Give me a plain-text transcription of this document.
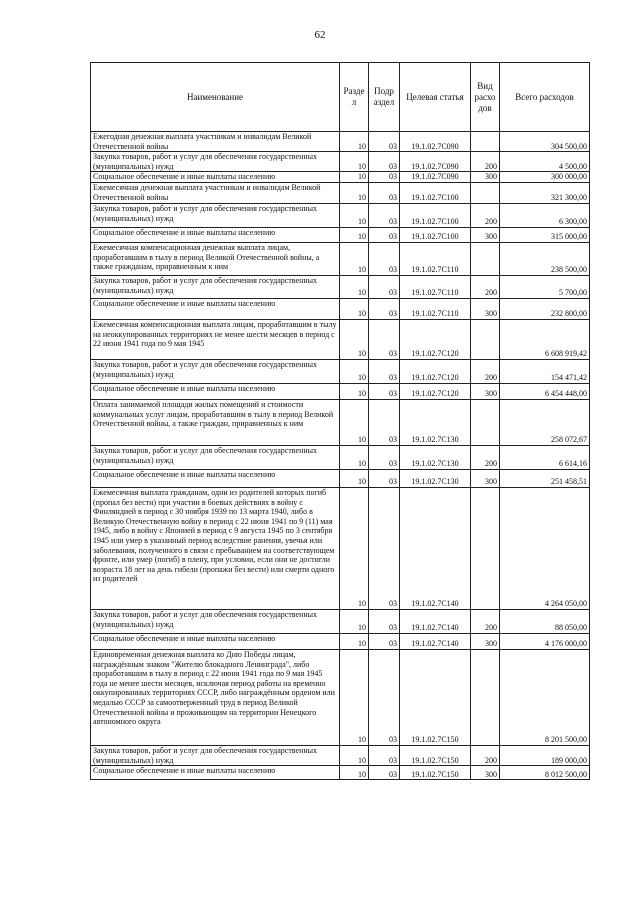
62
Наименование	Разде л	Подр аздел	Целевая статья	Вид расхо дов	Всего расходов
Ежегодная денежная выплата участникам и инвалидам Великой Отечественной войны	10	03	19.1.02.7С090		304 500,00
Закупка товаров, работ и услуг для обеспечения государственных (муниципальных) нужд	10	03	19.1.02.7С090	200	4 500,00
Социальное обеспечение и иные выплаты населению	10	03	19.1.02.7С090	300	300 000,00
Ежемесячная денежная выплата участникам и инвалидам Великой Отечественной войны	10	03	19.1.02.7С100		321 300,00
Закупка товаров, работ и услуг для обеспечения государственных (муниципальных) нужд	10	03	19.1.02.7С100	200	6 300,00
Социальное обеспечение и иные выплаты населению	10	03	19.1.02.7С100	300	315 000,00
Ежемесячная компенсационная денежная выплата лицам, проработавшим в тылу в период Великой Отечественной войны, а также гражданам, приравненным к ним	10	03	19.1.02.7С110		238 500,00
Закупка товаров, работ и услуг для обеспечения государственных (муниципальных) нужд	10	03	19.1.02.7С110	200	5 700,00
Социальное обеспечение и иные выплаты населению	10	03	19.1.02.7С110	300	232 800,00
Ежемесячная компенсационная выплата лицам, проработавшим в тылу на неоккупированных территориях не менее шести месяцев в период с 22 июня 1941 года по 9 мая 1945	10	03	19.1.02.7С120		6 608 919,42
Закупка товаров, работ и услуг для обеспечения государственных (муниципальных) нужд	10	03	19.1.02.7С120	200	154 471,42
Социальное обеспечение и иные выплаты населению	10	03	19.1.02.7С120	300	6 454 448,00
Оплата занимаемой площади жилых помещений и стоимости коммунальных услуг лицам, проработавшим в тылу в период Великой Отечественной войны, а также граждан, приравненных к ним	10	03	19.1.02.7С130		258 072,67
Закупка товаров, работ и услуг для обеспечения государственных (муниципальных) нужд	10	03	19.1.02.7С130	200	6 614,16
Социальное обеспечение и иные выплаты населению	10	03	19.1.02.7С130	300	251 458,51
Ежемесячная выплата гражданам, одни из родителей которых погиб (пропал без вести) при участии в боевых действиях в войну с Финляндией в период с 30 ноября 1939 по 13 марта 1940, либо в Великую Отечественную войну в период с 22 июня 1941 по 9 (11) мая 1945, либо в войну с Японией в период с 9 августа 1945 по 3 сентября 1945 или умер в указанный период вследствие ранения, увечья или заболевания, полученного в связи с пребыванием на соответствующем фронте, или умер (погиб) в плену, при условии, если они не достигли возраста 18 лет на день гибели (пропажи без вести) или смерти одного из родителей	10	03	19.1.02.7С140		4 264 050,00
Закупка товаров, работ и услуг для обеспечения государственных (муниципальных) нужд	10	03	19.1.02.7С140	200	88 050,00
Социальное обеспечение и иные выплаты населению	10	03	19.1.02.7С140	300	4 176 000,00
Единовременная денежная выплата ко Дню Победы лицам, награждённым знаком "Жителю блокадного Ленинграда", либо проработавшим в тылу в период с 22 июня 1941 года по 9 мая 1945 года не менее шести месяцев, исключая период работы на временно оккупированных территориях СССР, либо награждённым орденом или медалью СССР за самоотверженный труд в период Великой Отечественной войны и проживающим на территории Ненецкого автономного округа	10	03	19.1.02.7С150		8 201 500,00
Закупка товаров, работ и услуг для обеспечения государственных (муниципальных) нужд	10	03	19.1.02.7С150	200	189 000,00
Социальное обеспечение и иные выплаты населению	10	03	19.1.02.7С150	300	8 012 500,00
